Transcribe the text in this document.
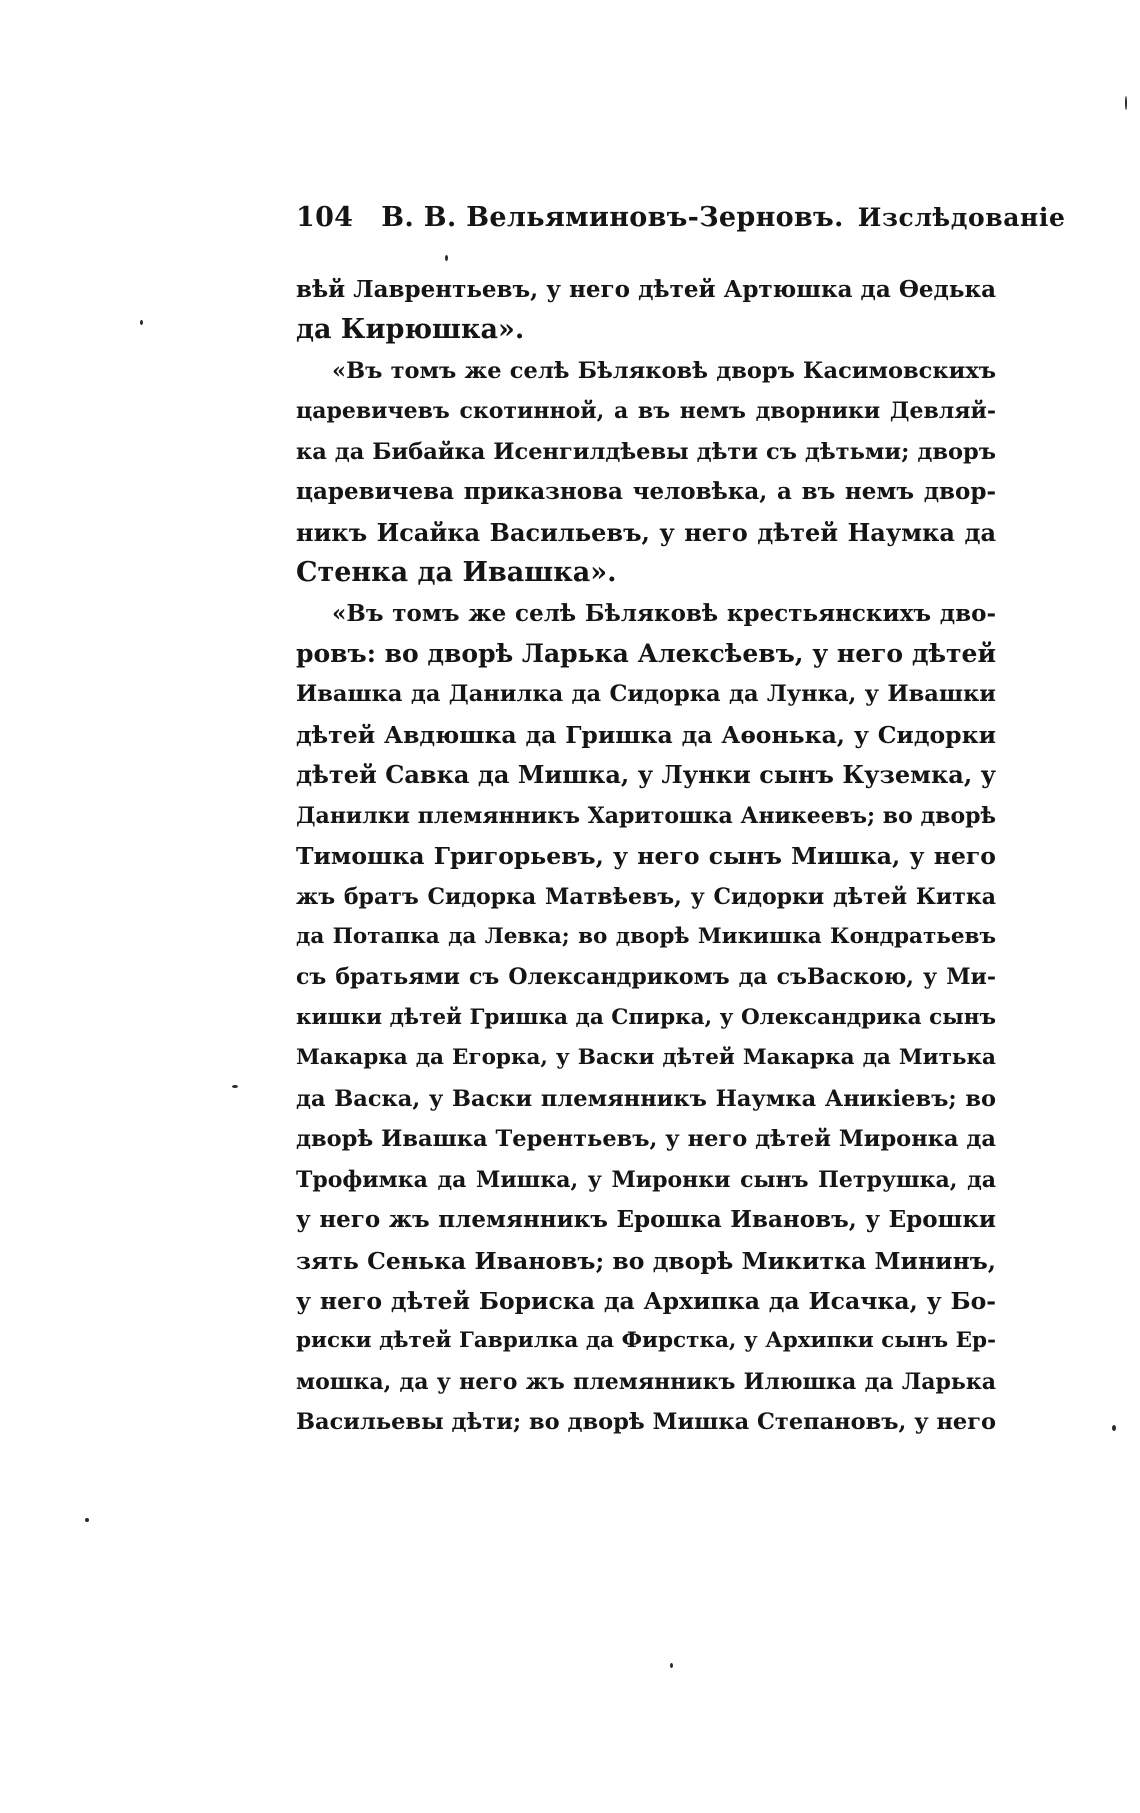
104 В. В. Вельяминовъ-Зерновъ. Изслѣдованіе
вѣй Лаврентьевъ, у него дѣтей Артюшка да Ѳедька
да Кирюшка».
«Въ томъ же селѣ Бѣляковѣ дворъ Касимовскихъ
царевичевъ скотинной, а въ немъ дворники Девляй-
ка да Бибайка Исенгилдѣевы дѣти съ дѣтьми; дворъ
царевичева приказнова человѣка, а въ немъ двор-
никъ Исайка Васильевъ, у него дѣтей Наумка да
Стенка да Ивашка».
«Въ томъ же селѣ Бѣляковѣ крестьянскихъ дво-
ровъ: во дворѣ Ларька Алексѣевъ, у него дѣтей
Ивашка да Данилка да Сидорка да Лунка, у Ивашки
дѣтей Авдюшка да Гришка да Аѳонька, у Сидорки
дѣтей Савка да Мишка, у Лунки сынъ Куземка, у
Данилки племянникъ Харитошка Аникеевъ; во дворѣ
Тимошка Григорьевъ, у него сынъ Мишка, у него
жъ братъ Сидорка Матвѣевъ, у Сидорки дѣтей Китка
да Потапка да Левка; во дворѣ Микишка Кондратьевъ
съ братьями съ Олександрикомъ да съВаскою, у Ми-
кишки дѣтей Гришка да Спирка, у Олександрика сынъ
Макарка да Егорка, у Васки дѣтей Макарка да Митька
да Васка, у Васки племянникъ Наумка Аникіевъ; во
дворѣ Ивашка Терентьевъ, у него дѣтей Миронка да
Трофимка да Мишка, у Миронки сынъ Петрушка, да
у него жъ племянникъ Ерошка Ивановъ, у Ерошки
зять Сенька Ивановъ; во дворѣ Микитка Мининъ,
у него дѣтей Бориска да Архипка да Исачка, у Бо-
риски дѣтей Гаврилка да Фирстка, у Архипки сынъ Ер-
мошка, да у него жъ племянникъ Илюшка да Ларька
Васильевы дѣти; во дворѣ Мишка Степановъ, у него
